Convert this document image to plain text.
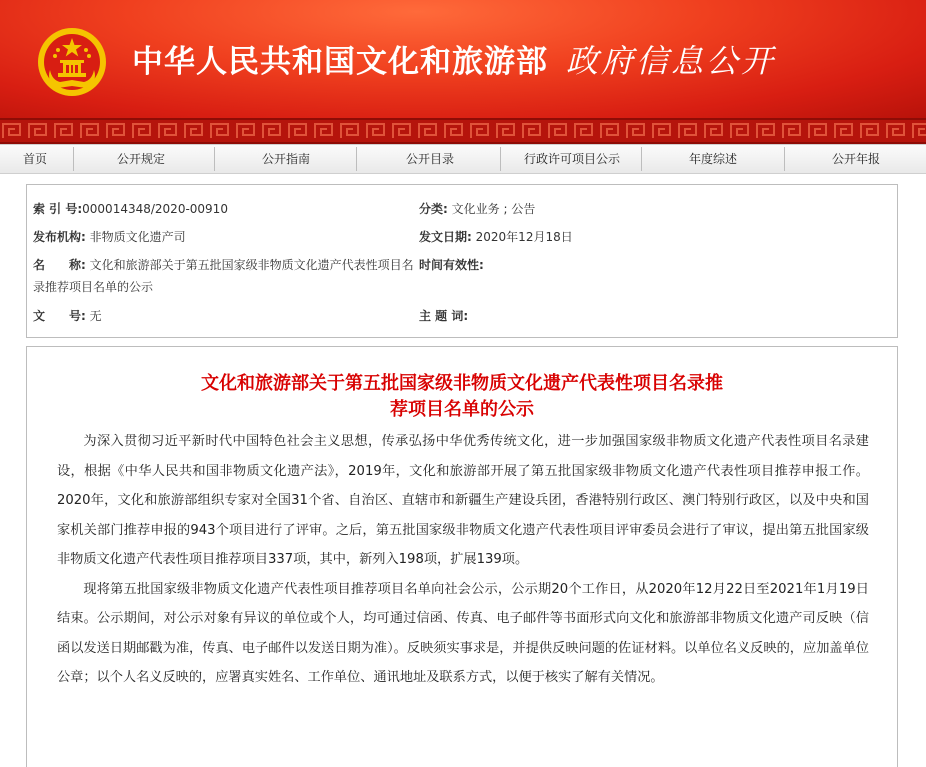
中华人民共和国文化和旅游部 政府信息公开
首页	公开规定	公开指南	公开目录	行政许可项目公示	年度综述	公开年报
索 引 号:000014348/2020-00910	分类: 文化业务 ; 公告
发布机构: 非物质文化遗产司	发文日期: 2020年12月18日
名　　称: 文化和旅游部关于第五批国家级非物质文化遗产代表性项目名
录推荐项目名单的公示
时间有效性:
文　　号: 无	主 题 词:
文化和旅游部关于第五批国家级非物质文化遗产代表性项目名录推
荐项目名单的公示

为深入贯彻习近平新时代中国特色社会主义思想，传承弘扬中华优秀传统文化，进一步加强国家级非物质文化遗产代表性项目名录建设，根据《中华人民共和国非物质文化遗产法》，2019年，文化和旅游部开展了第五批国家级非物质文化遗产代表性项目推荐申报工作。2020年，文化和旅游部组织专家对全国31个省、自治区、直辖市和新疆生产建设兵团，香港特别行政区、澳门特别行政区，以及中央和国家机关部门推荐申报的943个项目进行了评审。之后，第五批国家级非物质文化遗产代表性项目评审委员会进行了审议，提出第五批国家级非物质文化遗产代表性项目推荐项目337项，其中，新列入198项，扩展139项。

现将第五批国家级非物质文化遗产代表性项目推荐项目名单向社会公示，公示期20个工作日，从2020年12月22日至2021年1月19日结束。公示期间，对公示对象有异议的单位或个人，均可通过信函、传真、电子邮件等书面形式向文化和旅游部非物质文化遗产司反映（信函以发送日期邮戳为准，传真、电子邮件以发送日期为准）。反映须实事求是，并提供反映问题的佐证材料。以单位名义反映的，应加盖单位公章；以个人名义反映的，应署真实姓名、工作单位、通讯地址及联系方式，以便于核实了解有关情况。
